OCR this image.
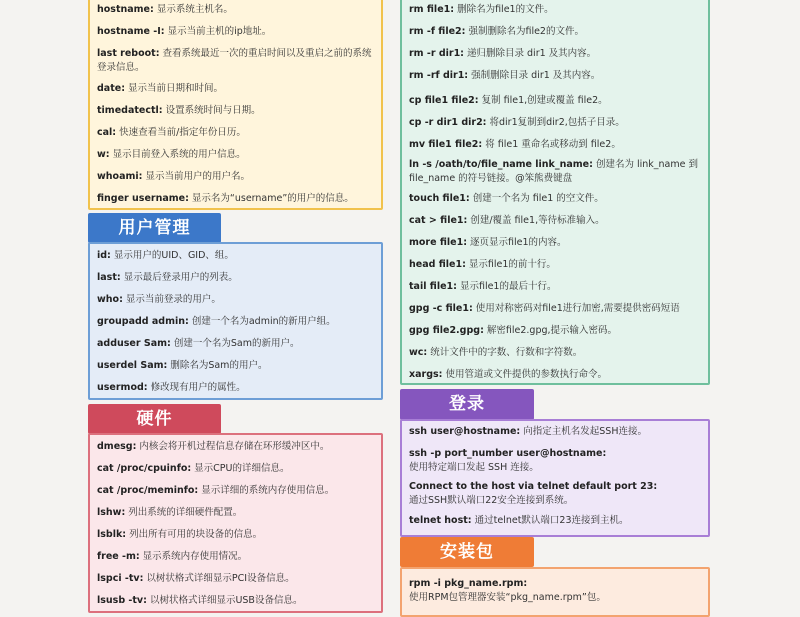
hostname: 显示系统主机名。
hostname -I: 显示当前主机的ip地址。
last reboot: 查看系统最近一次的重启时间以及重启之前的系统登录信息。
date: 显示当前日期和时间。
timedatectl: 设置系统时间与日期。
cal: 快速查看当前/指定年份日历。
w: 显示目前登入系统的用户信息。
whoami: 显示当前用户的用户名。
finger username: 显示名为“username”的用户的信息。
rm file1: 删除名为file1的文件。
rm -f file2: 强制删除名为file2的文件。
rm -r dir1: 递归删除目录 dir1 及其内容。
rm -rf dir1: 强制删除目录 dir1 及其内容。
cp file1 file2: 复制 file1,创建或覆盖 file2。
cp -r dir1 dir2: 将dir1复制到dir2,包括子目录。
mv file1 file2: 将 file1 重命名或移动到 file2。
ln -s /oath/to/file_name link_name: 创建名为 link_name 到 file_name 的符号链接。@笨熊费键盘
touch file1: 创建一个名为 file1 的空文件。
cat > file1: 创建/覆盖 file1,等待标准输入。
more file1: 逐页显示file1的内容。
head file1: 显示file1的前十行。
tail file1: 显示file1的最后十行。
gpg -c file1: 使用对称密码对file1进行加密,需要提供密码短语
gpg file2.gpg: 解密file2.gpg,提示输入密码。
wc: 统计文件中的字数、行数和字符数。
xargs: 使用管道或文件提供的参数执行命令。
用户管理
id: 显示用户的UID、GID、组。
last: 显示最后登录用户的列表。
who: 显示当前登录的用户。
groupadd admin: 创建一个名为admin的新用户组。
adduser Sam: 创建一个名为Sam的新用户。
userdel Sam: 删除名为Sam的用户。
usermod: 修改现有用户的属性。
硬件
dmesg: 内核会将开机过程信息存储在环形缓冲区中。
cat /proc/cpuinfo: 显示CPU的详细信息。
cat /proc/meminfo: 显示详细的系统内存使用信息。
lshw: 列出系统的详细硬件配置。
lsblk: 列出所有可用的块设备的信息。
free -m: 显示系统内存使用情况。
lspci -tv: 以树状格式详细显示PCI设备信息。
lsusb -tv: 以树状格式详细显示USB设备信息。
登录
ssh user@hostname: 向指定主机名发起SSH连接。
ssh -p port_number user@hostname:
使用特定端口发起 SSH 连接。
Connect to the host via telnet default port 23:
通过SSH默认端口22安全连接到系统。
telnet host: 通过telnet默认端口23连接到主机。
安装包
rpm -i pkg_name.rpm:
使用RPM包管理器安装“pkg_name.rpm”包。
